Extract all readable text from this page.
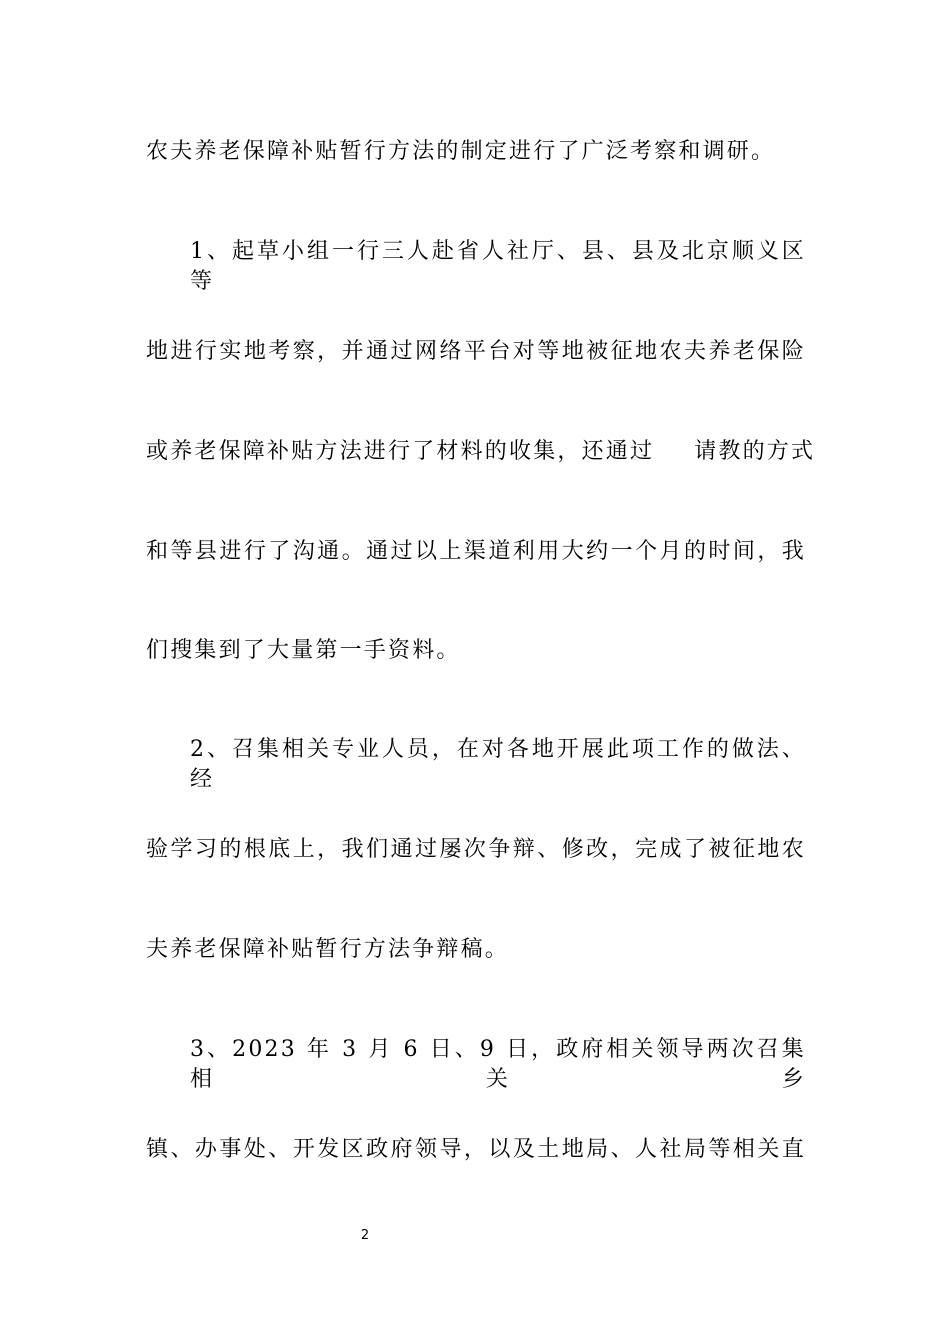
农夫养老保障补贴暂行方法的制定进行了广泛考察和调研。
1、起草小组一行三人赴省人社厅、县、县及北京顺义区等
地进行实地考察，并通过网络平台对等地被征地农夫养老保险
或养老保障补贴方法进行了材料的收集，还通过 请教的方式
和等县进行了沟通。通过以上渠道利用大约一个月的时间，我
们搜集到了大量第一手资料。
2、召集相关专业人员，在对各地开展此项工作的做法、经
验学习的根底上，我们通过屡次争辩、修改，完成了被征地农
夫养老保障补贴暂行方法争辩稿。
3、2023 年 3 月 6 日、9 日，政府相关领导两次召集相关乡
镇、办事处、开发区政府领导，以及土地局、人社局等相关直
2
